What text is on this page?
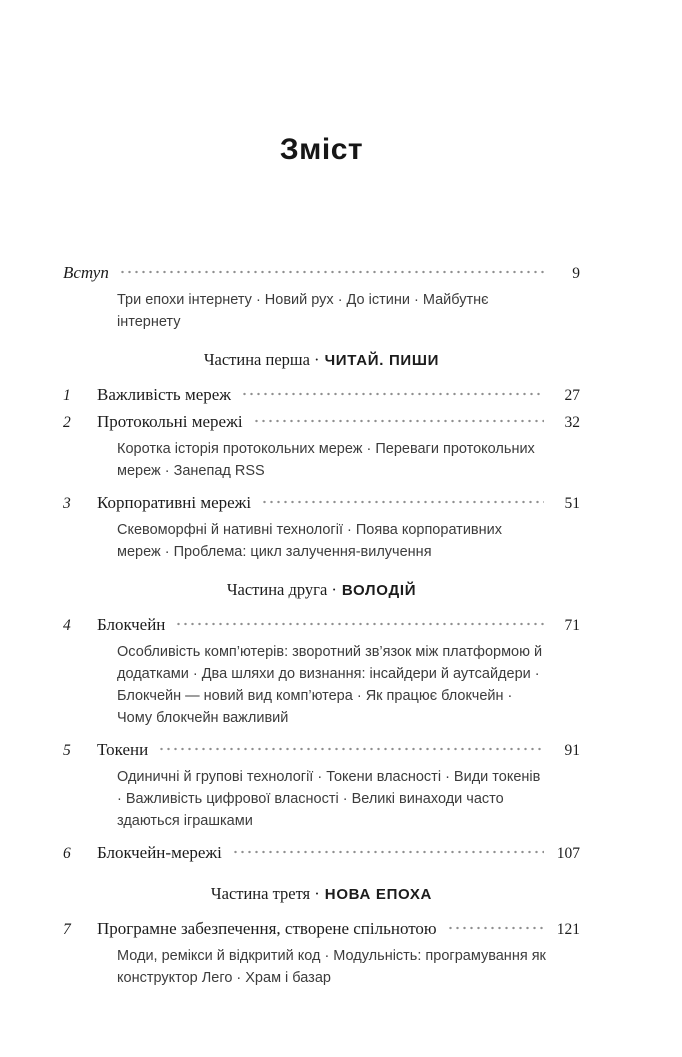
Зміст
Вступ	9
Три епохи інтернету · Новий рух · До істини · Майбутнє інтернету
Частина перша · ЧИТАЙ. ПИШИ
1	Важливість мереж	27
2	Протокольні мережі	32
Коротка історія протокольних мереж · Переваги протокольних мереж · Занепад RSS
3	Корпоративні мережі	51
Скевоморфні й нативні технології · Поява корпоративних мереж · Проблема: цикл залучення-вилучення
Частина друга · ВОЛОДІЙ
4	Блокчейн	71
Особливість комп’ютерів: зворотний зв’язок між платформою й додатками · Два шляхи до визнання: інсайдери й аутсайдери · Блокчейн — новий вид комп’ютера · Як працює блокчейн · Чому блокчейн важливий
5	Токени	91
Одиничні й групові технології · Токени власності · Види токенів · Важливість цифрової власності · Великі винаходи часто здаються іграшками
6	Блокчейн-мережі	107
Частина третя · НОВА ЕПОХА
7	Програмне забезпечення, створене спільнотою	121
Моди, ремікси й відкритий код · Модульність: програмування як конструктор Лего · Храм і базар
